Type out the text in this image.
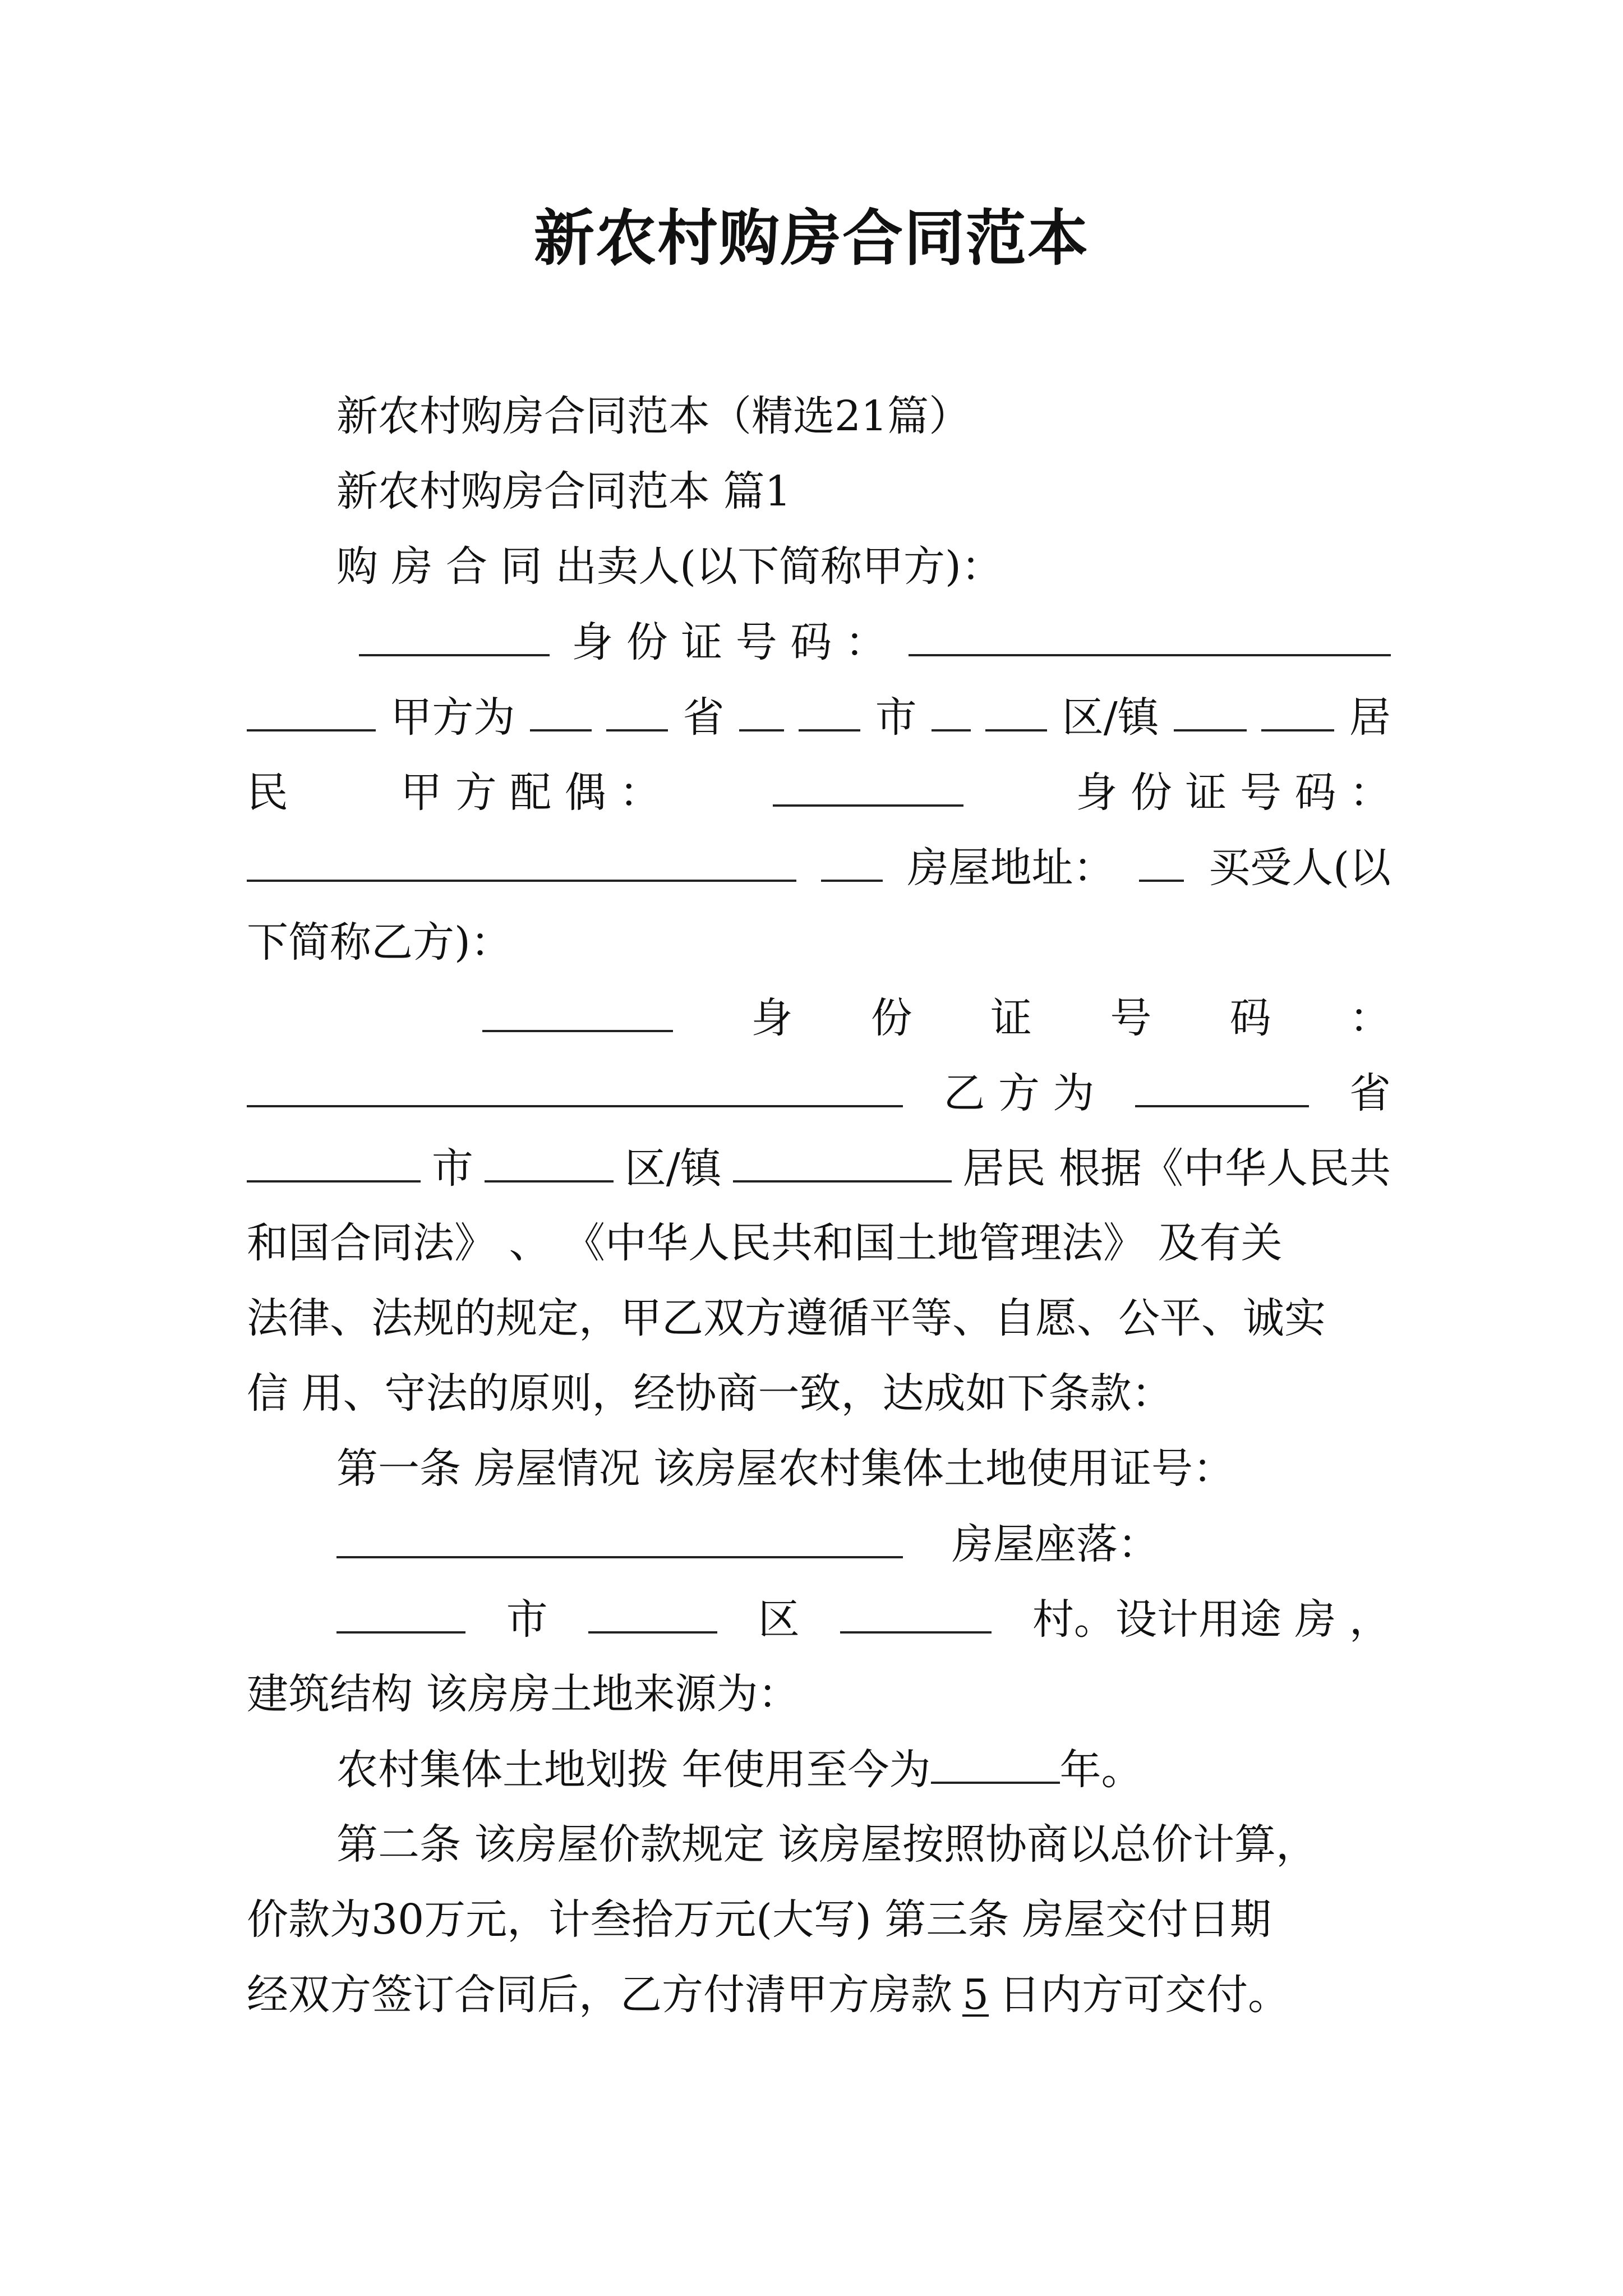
新农村购房合同范本
新农村购房合同范本（精选21篇）
新农村购房合同范本 篇1
购 房 合 同 出卖人(以下简称甲方)：
身 份 证 号 码 ：
甲方为	省	市	区/镇	居
民	甲 方 配 偶 ：	身 份 证 号 码 ：
房屋地址： 买受人(以
下简称乙方)：
身 份 证 号 码 ：
乙 方 为	省
市	区/镇	居民 根据《中华人民共
和国合同法》 、 《中华人民共和国土地管理法》 及有关
法律、法规的规定，甲乙双方遵循平等、自愿、公平、诚实
信 用、守法的原则，经协商一致，达成如下条款：
第一条 房屋情况 该房屋农村集体土地使用证号：
房屋座落：
市	区	村。设计用途 房 ，
建筑结构 该房房土地来源为：
农村集体土地划拨 年使用至今为	年。
第二条 该房屋价款规定 该房屋按照协商以总价计算，
价款为30万元，计叁拾万元(大写) 第三条 房屋交付日期
经双方签订合同后，乙方付清甲方房款 5 日内方可交付。
